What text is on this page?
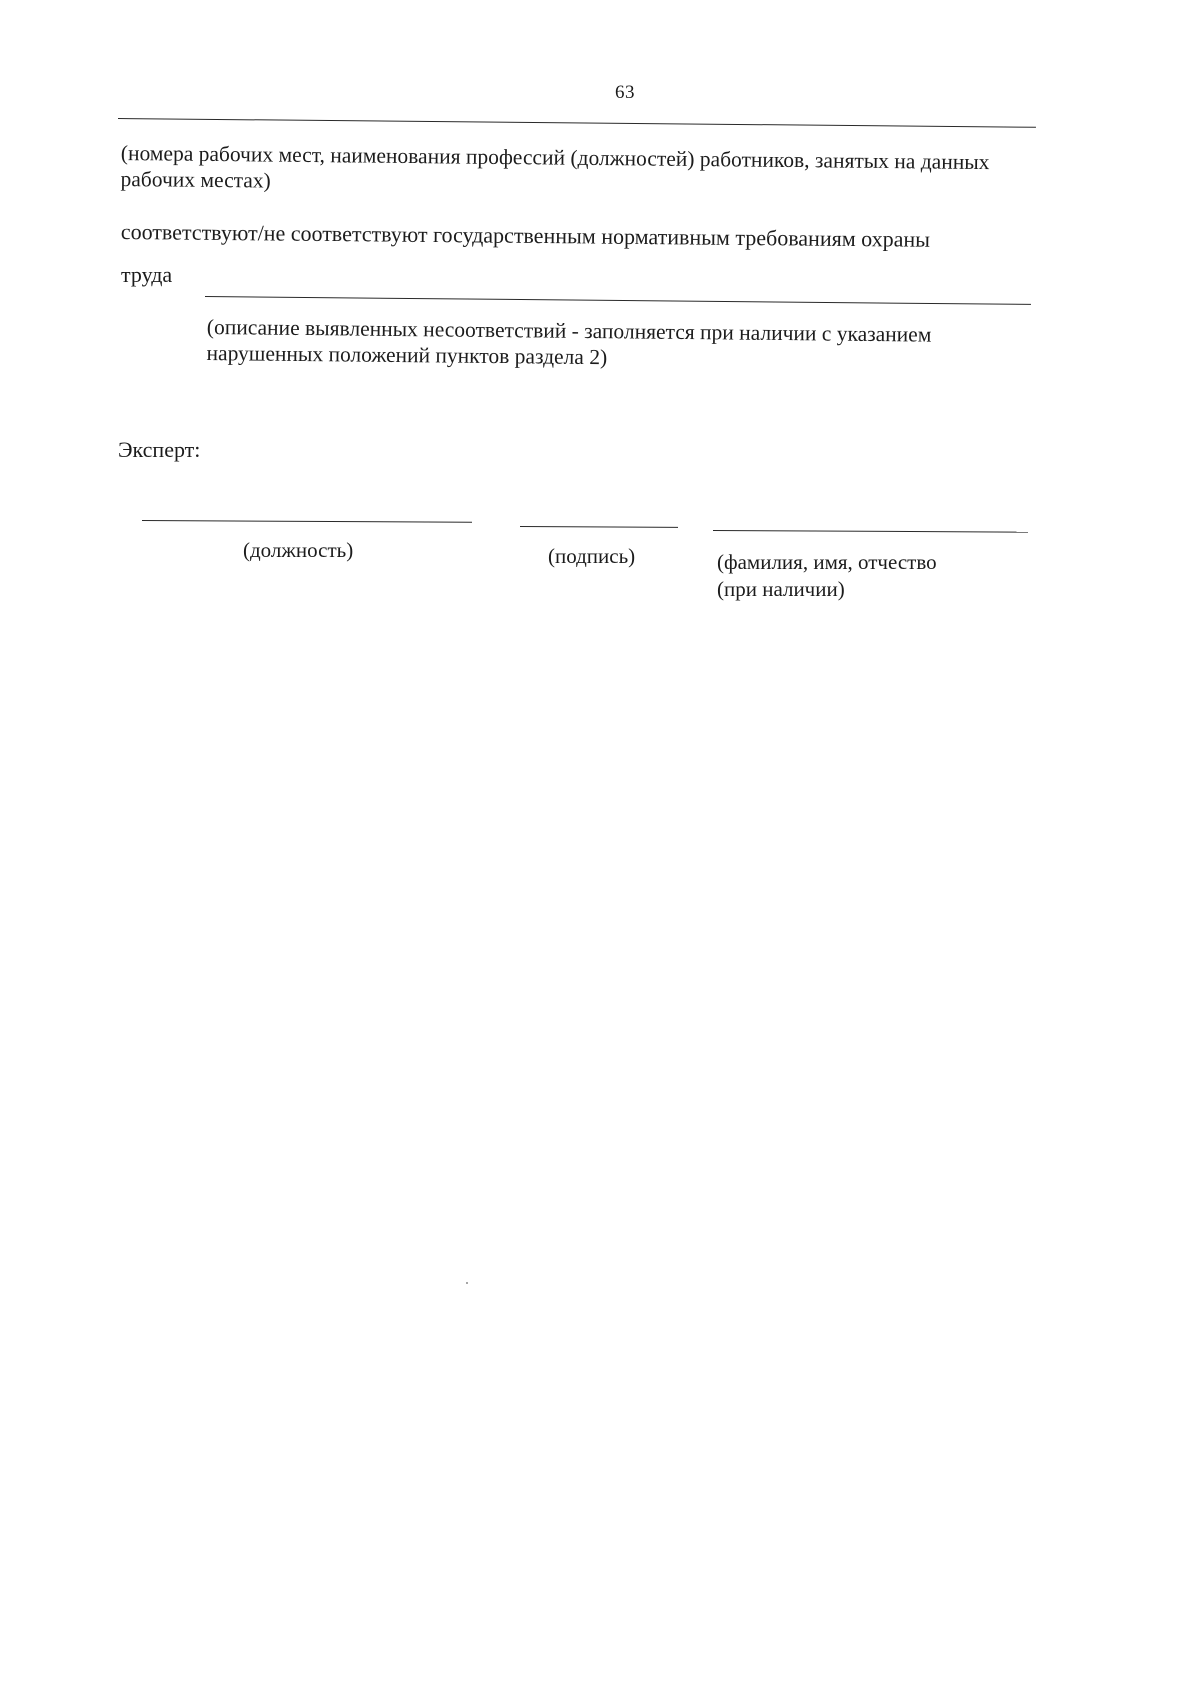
63
(номера рабочих мест, наименования профессий (должностей) работников, занятых на данных рабочих местах)
соответствуют/не соответствуют государственным нормативным требованиям охраны
труда
(описание выявленных несоответствий - заполняется при наличии с указанием нарушенных положений пунктов раздела 2)
Эксперт:
(должность)	(подпись)	(фамилия, имя, отчество
(при наличии)
